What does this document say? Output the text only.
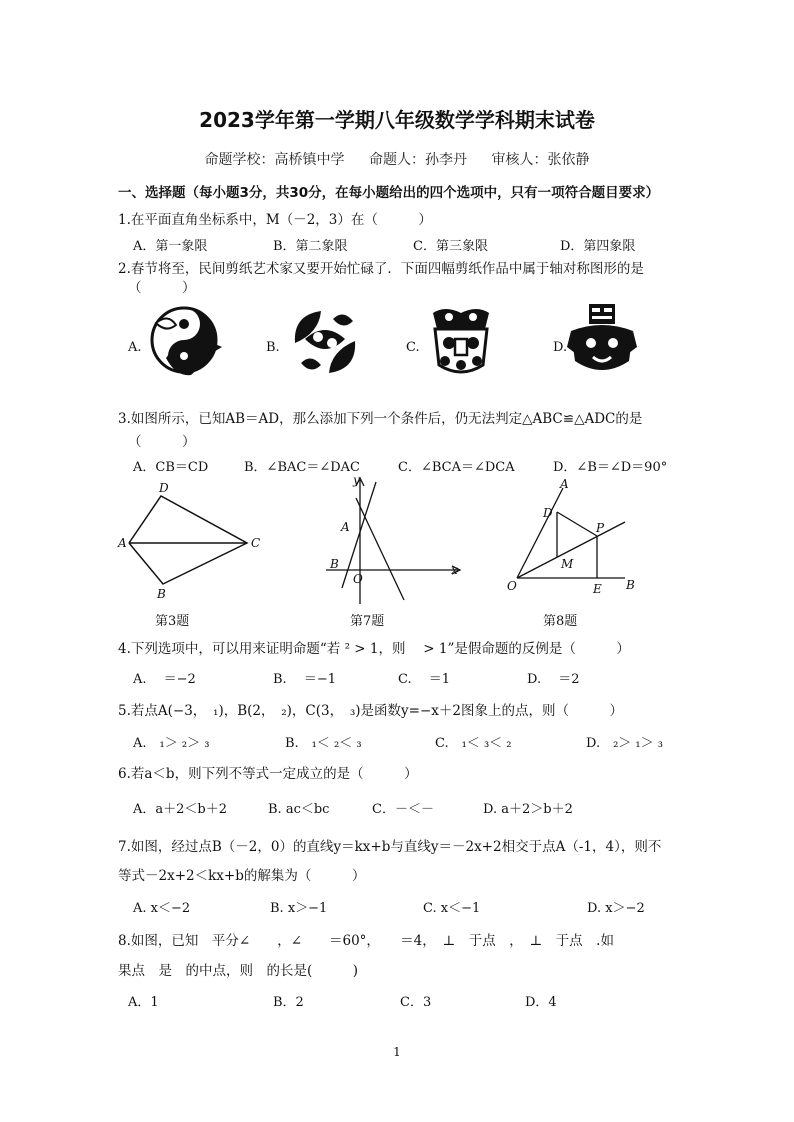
2023学年第一学期八年级数学学科期末试卷
命题学校：高桥镇中学 命题人：孙李丹 审核人：张依静
一、选择题（每小题3分，共30分，在每小题给出的四个选项中，只有一项符合题目要求）
1.在平面直角坐标系中，M（－2，3）在（　　　）
A．第一象限	B．第二象限	C．第三象限	D．第四象限
2.春节将至，民间剪纸艺术家又要开始忙碌了．下面四幅剪纸作品中属于轴对称图形的是
（　　　）
A.	B.	C.	D.
3.如图所示，已知AB＝AD，那么添加下列一个条件后，仍无法判定△ABC≌△ADC的是
（　　　）
A．CB＝CD	B．∠BAC＝∠DAC	C．∠BCA＝∠DCA	D．∠B＝∠D＝90°
D
A	C
B
第3题
y
A
B
O
x
第7题
A
D
P
M
O	E B
第8题
4.下列选项中，可以用来证明命题“若 ² > 1，则 　> 1”是假命题的反例是（　　　）
A.　 ＝−2	B.　 ＝−1	C.　 ＝1	D.　 ＝2
5.若点A(−3，　₁)，B(2，　₂)，C(3，　₃)是函数y=−x＋2图象上的点，则（　　　）
A.　₁＞ ₂＞ ₃	B.　₁＜ ₂＜ ₃	C.　₁＜ ₃＜ ₂	D.　₂＞ ₁＞ ₃
6.若a＜b，则下列不等式一定成立的是（　　　）
A．a＋2＜b＋2	B. ac＜bc	C．－＜－	D. a＋2＞b＋2
7.如图，经过点B（－2，0）的直线y＝kx+b与直线y＝－2x+2相交于点A（-1，4），则不
等式－2x+2＜kx+b的解集为（　　　）
A. x＜−2	B. x＞−1	C. x＜−1	D. x＞−2
8.如图，已知　平分∠　　，∠　　＝60°，　　＝4，　⊥　于点　，　⊥　于点　.如
果点　是　的中点，则　的长是(　　　)
A．1	B．2	C．3	D．4
1
